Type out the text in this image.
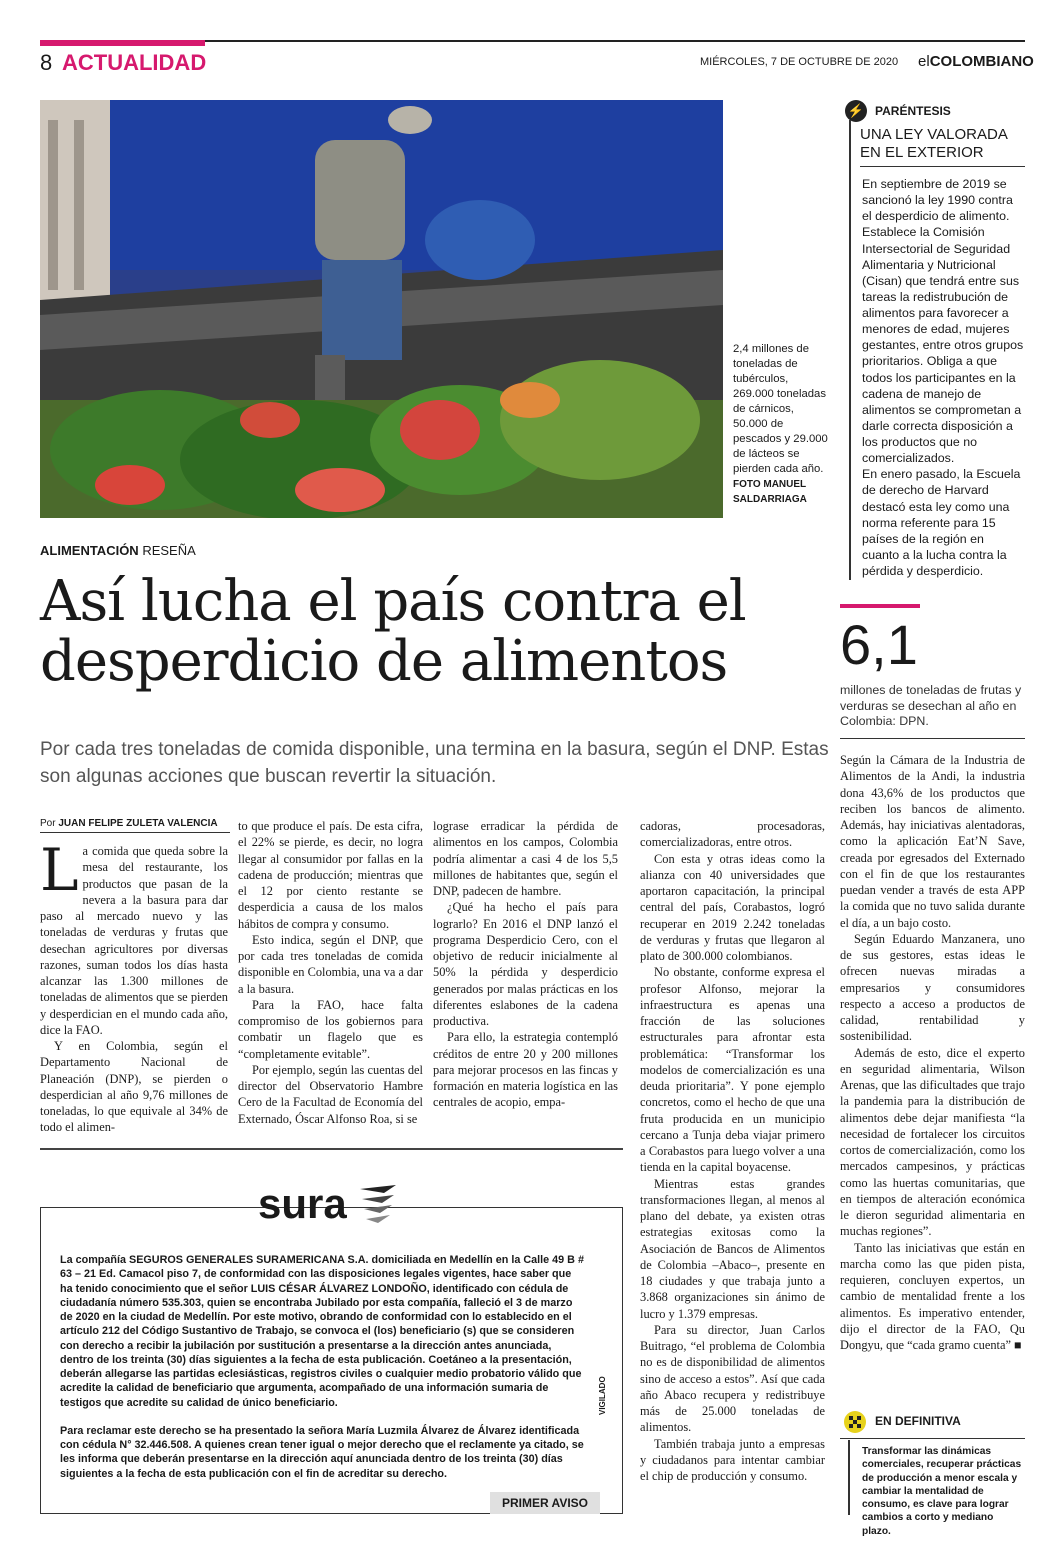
8 ACTUALIDAD	MIÉRCOLES, 7 DE OCTUBRE DE 2020 elCOLOMBIANO
2,4 millones de toneladas de tubérculos, 269.000 toneladas de cárnicos, 50.000 de pescados y 29.000 de lácteos se pierden cada año.
FOTO MANUEL SALDARRIAGA
ALIMENTACIÓN RESEÑA
Así lucha el país contra el desperdicio de alimentos
Por cada tres toneladas de comida disponible, una termina en la basura, según el DNP. Estas son algunas acciones que buscan revertir la situación.
Por JUAN FELIPE ZULETA VALENCIA

La comida que queda sobre la mesa del restaurante, los productos que pasan de la nevera a la basura para dar paso al mercado nuevo y las toneladas de verduras y frutas que desechan agricultores por diversas razones, suman todos los días hasta alcanzar las 1.300 millones de toneladas de alimentos que se pierden y desperdician en el mundo cada año, dice la FAO.

Y en Colombia, según el Departamento Nacional de Planeación (DNP), se pierden o desperdician al año 9,76 millones de toneladas, lo que equivale al 34% de todo el alimen-

to que produce el país. De esta cifra, el 22% se pierde, es decir, no logra llegar al consumidor por fallas en la cadena de producción; mientras que el 12 por ciento restante se desperdicia a causa de los malos hábitos de compra y consumo.

Esto indica, según el DNP, que por cada tres toneladas de comida disponible en Colombia, una va a dar a la basura.

Para la FAO, hace falta compromiso de los gobiernos para combatir un flagelo que es “completamente evitable”.

Por ejemplo, según las cuentas del director del Observatorio Hambre Cero de la Facultad de Economía del Externado, Óscar Alfonso Roa, si se

lograse erradicar la pérdida de alimentos en los campos, Colombia podría alimentar a casi 4 de los 5,5 millones de habitantes que, según el DNP, padecen de hambre.

¿Qué ha hecho el país para lograrlo? En 2016 el DNP lanzó el programa Desperdicio Cero, con el objetivo de reducir inicialmente al 50% la pérdida y desperdicio generados por malas prácticas en los diferentes eslabones de la cadena productiva.

Para ello, la estrategia contempló créditos de entre 20 y 200 millones para mejorar procesos en las fincas y formación en materia logística en las centrales de acopio, empa-

cadoras, procesadoras, comercializadoras, entre otros.

Con esta y otras ideas como la alianza con 40 universidades que aportaron capacitación, la principal central del país, Corabastos, logró recuperar en 2019 2.242 toneladas de verduras y frutas que llegaron al plato de 300.000 colombianos.

No obstante, conforme expresa el profesor Alfonso, mejorar la infraestructura es apenas una fracción de las soluciones estructurales para afrontar esta problemática: “Transformar los modelos de comercialización es una deuda prioritaria”. Y pone ejemplo concretos, como el hecho de que una fruta producida en un municipio cercano a Tunja deba viajar primero a Corabastos para luego volver a una tienda en la capital boyacense.

Mientras estas grandes transformaciones llegan, al menos al plano del debate, ya existen otras estrategias exitosas como la Asociación de Bancos de Alimentos de Colombia –Abaco–, presente en 18 ciudades y que trabaja junto a 3.868 organizaciones sin ánimo de lucro y 1.379 empresas.

Para su director, Juan Carlos Buitrago, “el problema de Colombia no es de disponibilidad de alimentos sino de acceso a estos”. Así que cada año Abaco recupera y redistribuye más de 25.000 toneladas de alimentos.

También trabaja junto a empresas y ciudadanos para intentar cambiar el chip de producción y consumo.

Según la Cámara de la Industria de Alimentos de la Andi, la industria dona 43,6% de los productos que reciben los bancos de alimento. Además, hay iniciativas alentadoras, como la aplicación Eat’N Save, creada por egresados del Externado con el fin de que los restaurantes puedan vender a través de esta APP la comida que no tuvo salida durante el día, a un bajo costo.

Según Eduardo Manzanera, uno de sus gestores, estas ideas le ofrecen nuevas miradas a empresarios y consumidores respecto a acceso a productos de calidad, rentabilidad y sostenibilidad.

Además de esto, dice el experto en seguridad alimentaria, Wilson Arenas, que las dificultades que trajo la pandemia para la distribución de alimentos debe dejar manifiesta “la necesidad de fortalecer los circuitos cortos de comercialización, como los mercados campesinos, y prácticas como las huertas comunitarias, que en tiempos de alteración económica le dieron seguridad alimentaria en muchas regiones”.

Tanto las iniciativas que están en marcha como las que piden pista, requieren, concluyen expertos, un cambio de mentalidad frente a los alimentos. Es imperativo entender, dijo el director de la FAO, Qu Dongyu, que “cada gramo cuenta” ■

⚡ PARÉNTESIS
UNA LEY VALORADA EN EL EXTERIOR

En septiembre de 2019 se sancionó la ley 1990 contra el desperdicio de alimento. Establece la Comisión Intersectorial de Seguridad Alimentaria y Nutricional (Cisan) que tendrá entre sus tareas la redistrubución de alimentos para favorecer a menores de edad, mujeres gestantes, entre otros grupos prioritarios. Obliga a que todos los participantes en la cadena de manejo de alimentos se comprometan a darle correcta disposición a los productos que no comercializados.

En enero pasado, la Escuela de derecho de Harvard destacó esta ley como una norma referente para 15 países de la región en cuanto a la lucha contra la pérdida y desperdicio.

6,1
millones de toneladas de frutas y verduras se desechan al año en Colombia: DPN.
sura

La compañía SEGUROS GENERALES SURAMERICANA S.A. domiciliada en Medellín en la Calle 49 B # 63 – 21 Ed. Camacol piso 7, de conformidad con las disposiciones legales vigentes, hace saber que ha tenido conocimiento que el señor LUIS CÉSAR ÁLVAREZ LONDOÑO, identificado con cédula de ciudadanía número 535.303, quien se encontraba Jubilado por esta compañía, falleció el 3 de marzo de 2020 en la ciudad de Medellín. Por este motivo, obrando de conformidad con lo establecido en el artículo 212 del Código Sustantivo de Trabajo, se convoca el (los) beneficiario (s) que se consideren con derecho a recibir la jubilación por sustitución a presentarse a la dirección antes anunciada, dentro de los treinta (30) días siguientes a la fecha de esta publicación. Coetáneo a la presentación, deberán allegarse las partidas eclesiásticas, registros civiles o cualquier medio probatorio válido que acredite la calidad de beneficiario que argumenta, acompañado de una información sumaria de testigos que acredite su calidad de único beneficiario.

Para reclamar este derecho se ha presentado la señora María Luzmila Álvarez de Álvarez identificada con cédula N° 32.446.508. A quienes crean tener igual o mejor derecho que el reclamente ya citado, se les informa que deberán presentarse en la dirección aquí anunciada dentro de los treinta (30) días siguientes a la fecha de esta publicación con el fin de acreditar su derecho.

VIGILADO
PRIMER AVISO
EN DEFINITIVA
Transformar las dinámicas comerciales, recuperar prácticas de producción a menor escala y cambiar la mentalidad de consumo, es clave para lograr cambios a corto y mediano plazo.
